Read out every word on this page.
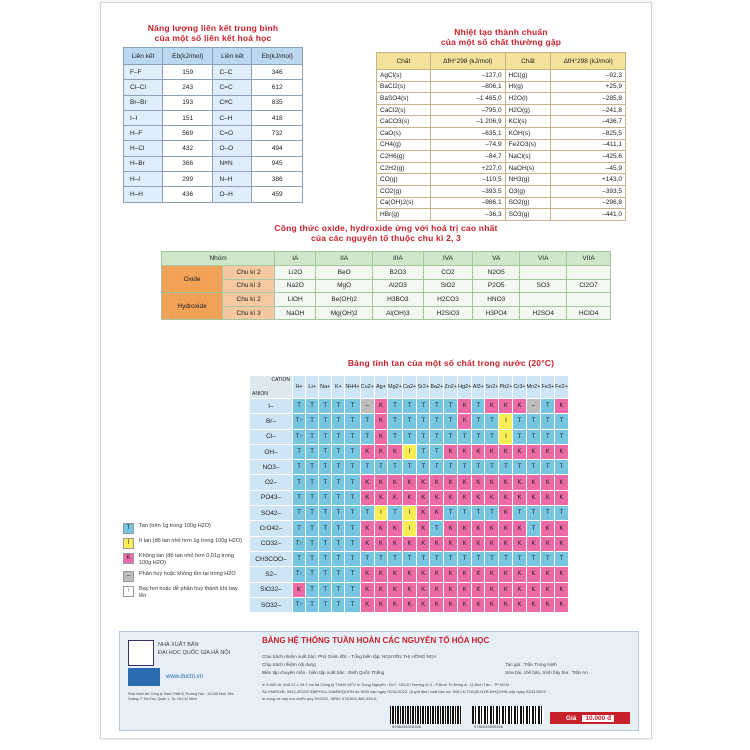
Năng lượng liên kết trung bình
của một số liên kết hoá học
Liên kết	Eb(kJ/mol)	Liên kết	Eb(kJ/mol)
F–F	159	C–C	346
Cl–Cl	243	C=C	612
Br–Br	193	C≡C	835
I–I	151	C–H	418
H–F	569	C=O	732
H–Cl	432	O–O	494
H–Br	366	N≡N	945
H–I	299	N–H	386
H–H	436	O–H	459
Nhiệt tạo thành chuẩn
của một số chất thường gặp
Chất	ΔfH°298 (kJ/mol)	Chất	ΔfH°298 (kJ/mol)
AgCl(s)	–127,0	HCl(g)	–92,3
BaCl2(s)	–806,1	HI(g)	+25,9
BaSO4(s)	–1 465,0	H2O(l)	–285,8
CaCl2(s)	–795,0	H2O(g)	–241,8
CaCO3(s)	–1 206,9	KCl(s)	–436,7
CaO(s)	–635,1	KOH(s)	–825,5
CH4(g)	–74,9	Fe2O3(s)	–411,1
C2H6(g)	–84,7	NaCl(s)	–425,6
C2H2(g)	+227,0	NaOH(s)	–45,9
CO(g)	–110,5	NH3(g)	+143,0
CO2(g)	–393,5	O3(g)	–393,5
Ca(OH)2(s)	–986,1	SO2(g)	–296,8
HBr(g)	–36,3	SO3(g)	–441,0
Công thức oxide, hydroxide ứng với hoá trị cao nhất
của các nguyên tố thuộc chu kì 2, 3
Nhóm		IA	IIA	IIIA	IVA	VA	VIA	VIIA
Oxide	Chu kì 2	Li2O	BeO	B2O3	CO2	N2O5		
	Chu kì 3	Na2O	MgO	Al2O3	SiO2	P2O5	SO3	Cl2O7
Hydroxide	Chu kì 2	LiOH	Be(OH)2	H3BO3	H2CO3	HNO3		
	Chu kì 3	NaOH	Mg(OH)2	Al(OH)3	H2SiO3	H3PO4	H2SO4	HClO4
Bảng tính tan của một số chất trong nước (20°C)
CATION
ANION	H+	Li+	Na+	K+	NH4+	Cu2+	Ag+	Mg2+	Ca2+	Sr2+	Ba2+	Zn2+	Hg2+	Al3+	Sn2+	Pb2+	Cr3+	Mn2+	Fe3+	Fe2+
I–	T	T	T	T	T	–	K	T	T	T	T	T	K	T	K	K	K	–	T	K
Br–	T↑	T	T	T	T	T	K	T	T	T	T	T	K	T	T	I	T	T	T	T
Cl–	T↑	T	T	T	T	T	K	T	T	T	T	T	T	T	T	I	T	T	T	T
OH–	T	T	T	T	T	K	K	K	I	T	T	K	K	K	K	K	K	K	K	K
NO3–	T	T	T	T	T	T	T	T	T	T	T	T	T	T	T	T	T	T	T	T
O2–	T	T	T	T	T	K	K	K	K	K	K	K	K	K	K	K	K	K	K	K
PO43–	T	T	T	T	T	K	K	K	K	K	K	K	K	K	K	K	K	K	K	K
SO42–	T	T	T	T	T	T	I	T	I	K	K	T	T	T	T	K	T	T	T	T
CrO42–	T	T	T	T	T	K	K	K	I	K	T	K	K	K	K	K	K	T	K	K
CO32–	T↑	T	T	T	T	K	K	K	K	K	K	K	K	K	K	K	K	K	K	K
CH3COO–	T	T	T	T	T	T	T	T	T	T	T	T	T	T	T	T	T	T	T	T
S2–	T↑	T	T	T	T	K	K	K	K	K	K	K	K	K	K	K	K	K	K	K
SiO32–	K	T	T	T	T	K	K	K	K	K	K	K	K	K	K	K	K	K	K	K
SO32–	T↑	T	T	T	T	K	K	K	K	K	K	K	K	K	K	K	K	K	K	K
T	Tan (trên 1g trong 100g H2O)
I	Ít tan (độ tan nhỏ hơn 1g trong 100g H2O)
K	Không tan (độ tan nhỏ hơn 0,01g trong 100g H2O)
–	Phân huỷ hoặc không tồn tại trong H2O
↑	Bay hơi hoặc dễ phân huỷ thành khí bay lên
NHÀ XUẤT BẢN
ĐẠI HỌC QUỐC GIA HÀ NỘI
www.ductri.vn
Phát hành tại: Công ty Sách Thiết Bị Trường Học - 10/108 Đinh Tiên Hoàng, P. Đa Kao, Quận 1, Tp. Hồ Chí Minh
BẢNG HỆ THỐNG TUẦN HOÀN CÁC NGUYÊN TỐ HÓA HỌC
Chịu trách nhiệm xuất bản: Phó Giám đốc - Tổng biên tập: NGUYỄN THỊ HỒNG NGA
Chịu trách nhiệm nội dung
Biên tập chuyên môn - biên tập xuất bản : Đinh Quốc Thắng
Tác giả : Trần Trung Ninh
Sửa bài, chế bản, trình bày bìa : Trần An
In 5.000 tờ, khổ 21 x 29.7 cm tại Công ty TNHH MTV In Song Nguyên - Đ/C: 931/10 Hương lộ 2 - P.Bình Trị Đông A - Q.Bình Tân - TP.HCM.
Số XNĐKXB: 3912-2022/CXBIPH/11-346/ĐHQGHN do NXB cấp ngày 02/11/2022. Quyết định xuất bản số: 908 LK-TN/QĐ-NXB ĐHQGHN cấp ngày 02/11/2022.
In xong và nộp lưu chiểu quý IV/2022. ISBN: 978-604-384-935-6.
8936036316346	9786043849356
Giá	10.000 đ
